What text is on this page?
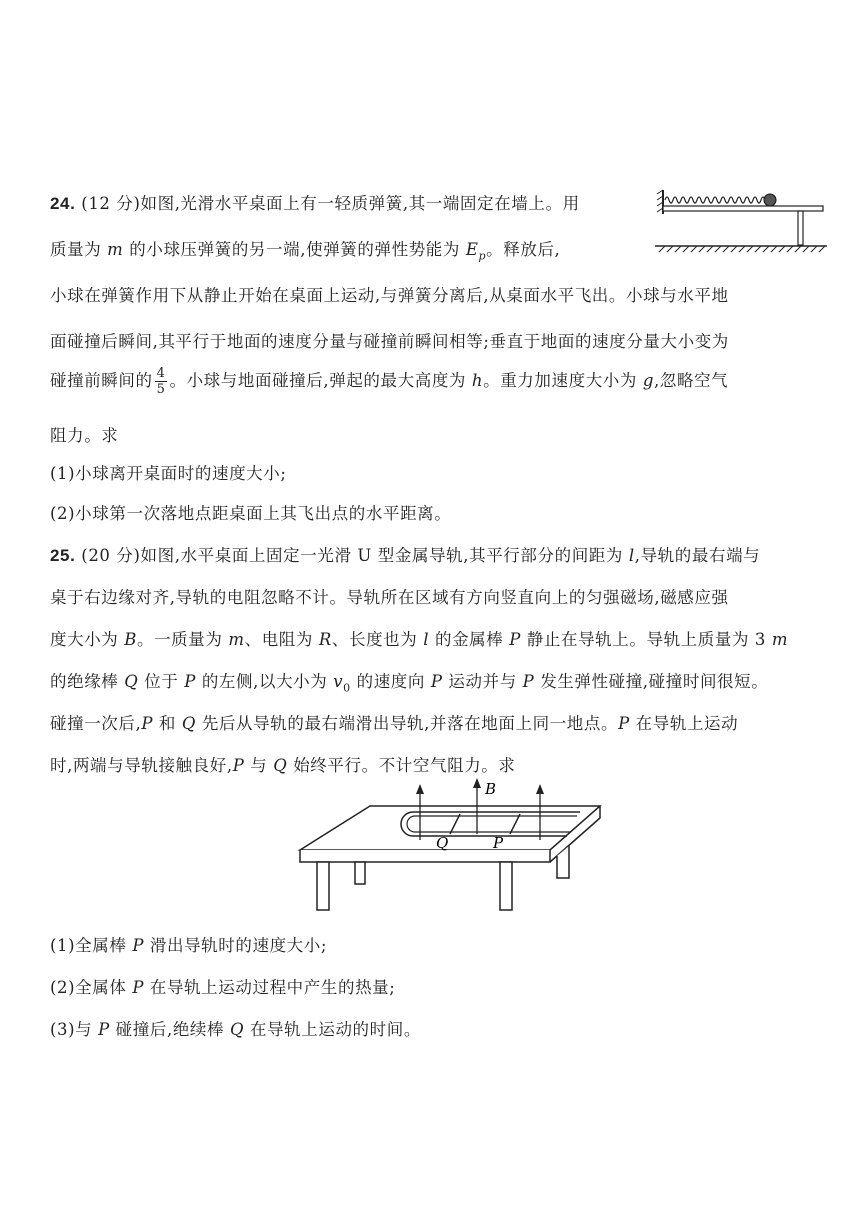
24. (12 分)如图,光滑水平桌面上有一轻质弹簧,其一端固定在墙上。用
质量为 m 的小球压弹簧的另一端,使弹簧的弹性势能为 $E_p$。释放后,
小球在弹簧作用下从静止开始在桌面上运动,与弹簧分离后,从桌面水平飞出。小球与水平地
面碰撞后瞬间,其平行于地面的速度分量与碰撞前瞬间相等;垂直于地面的速度分量大小变为
碰撞前瞬间的 $\frac{4}{5}$ 。小球与地面碰撞后,弹起的最大高度为 h。重力加速度大小为 g,忽略空气
阻力。求
(1)小球离开桌面时的速度大小;
(2)小球第一次落地点距桌面上其飞出点的水平距离。
25. (20 分)如图,水平桌面上固定一光滑 U 型金属导轨,其平行部分的间距为 l,导轨的最右端与
桌于右边缘对齐,导轨的电阻忽略不计。导轨所在区域有方向竖直向上的匀强磁场,磁感应强
度大小为 B。一质量为 m、电阻为 R、长度也为 l 的金属棒 P 静止在导轨上。导轨上质量为 3 m
的绝缘棒 Q 位于 P 的左侧,以大小为 $v_0$ 的速度向 P 运动并与 P 发生弹性碰撞,碰撞时间很短。
碰撞一次后,P 和 Q 先后从导轨的最右端滑出导轨,并落在地面上同一地点。P 在导轨上运动
时,两端与导轨接触良好,P 与 Q 始终平行。不计空气阻力。求
B
Q	P
(1)全属棒 P 滑出导轨时的速度大小;
(2)全属体 P 在导轨上运动过程中产生的热量;
(3)与 P 碰撞后,绝续棒 Q 在导轨上运动的时间。
